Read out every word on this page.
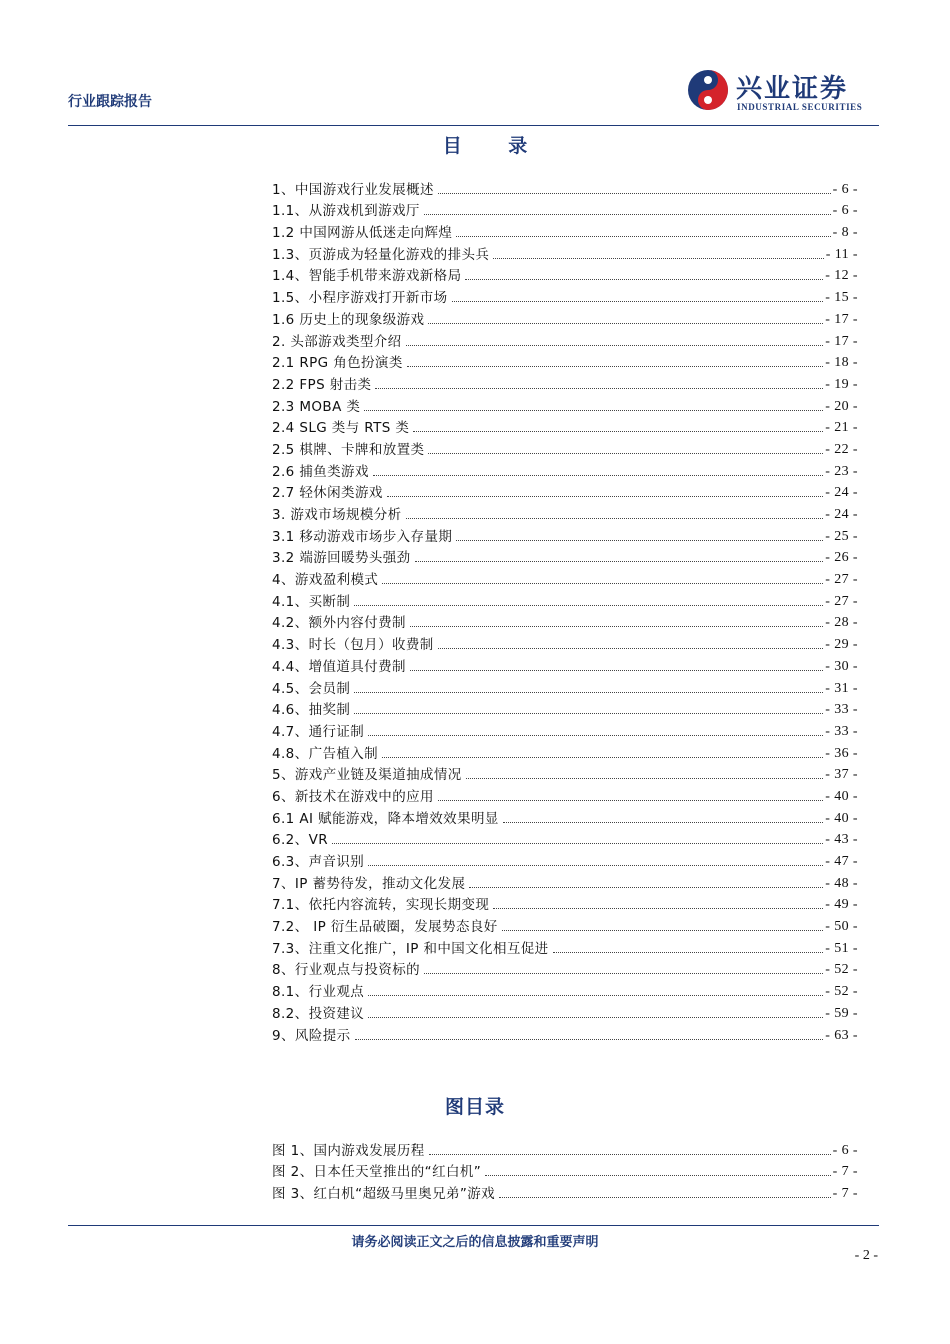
行业跟踪报告	兴业证券
INDUSTRIAL SECURITIES
目 录
1、中国游戏行业发展概述	- 6 -
1.1、从游戏机到游戏厅	- 6 -
1.2 中国网游从低迷走向辉煌	- 8 -
1.3、页游成为轻量化游戏的排头兵	- 11 -
1.4、智能手机带来游戏新格局	- 12 -
1.5、小程序游戏打开新市场	- 15 -
1.6 历史上的现象级游戏	- 17 -
2. 头部游戏类型介绍	- 17 -
2.1 RPG 角色扮演类	- 18 -
2.2 FPS 射击类	- 19 -
2.3 MOBA 类	- 20 -
2.4 SLG 类与 RTS 类	- 21 -
2.5 棋牌、卡牌和放置类	- 22 -
2.6 捕鱼类游戏	- 23 -
2.7 轻休闲类游戏	- 24 -
3. 游戏市场规模分析	- 24 -
3.1 移动游戏市场步入存量期	- 25 -
3.2 端游回暖势头强劲	- 26 -
4、游戏盈利模式	- 27 -
4.1、买断制	- 27 -
4.2、额外内容付费制	- 28 -
4.3、时长（包月）收费制	- 29 -
4.4、增值道具付费制	- 30 -
4.5、会员制	- 31 -
4.6、抽奖制	- 33 -
4.7、通行证制	- 33 -
4.8、广告植入制	- 36 -
5、游戏产业链及渠道抽成情况	- 37 -
6、新技术在游戏中的应用	- 40 -
6.1 AI 赋能游戏，降本增效效果明显	- 40 -
6.2、VR	- 43 -
6.3、声音识别	- 47 -
7、IP 蓄势待发，推动文化发展	- 48 -
7.1、依托内容流转，实现长期变现	- 49 -
7.2、 IP 衍生品破圈，发展势态良好	- 50 -
7.3、注重文化推广，IP 和中国文化相互促进	- 51 -
8、行业观点与投资标的	- 52 -
8.1、行业观点	- 52 -
8.2、投资建议	- 59 -
9、风险提示	- 63 -
图目录
图 1、国内游戏发展历程	- 6 -
图 2、日本任天堂推出的“红白机”	- 7 -
图 3、红白机“超级马里奥兄弟”游戏	- 7 -
请务必阅读正文之后的信息披露和重要声明
- 2 -
